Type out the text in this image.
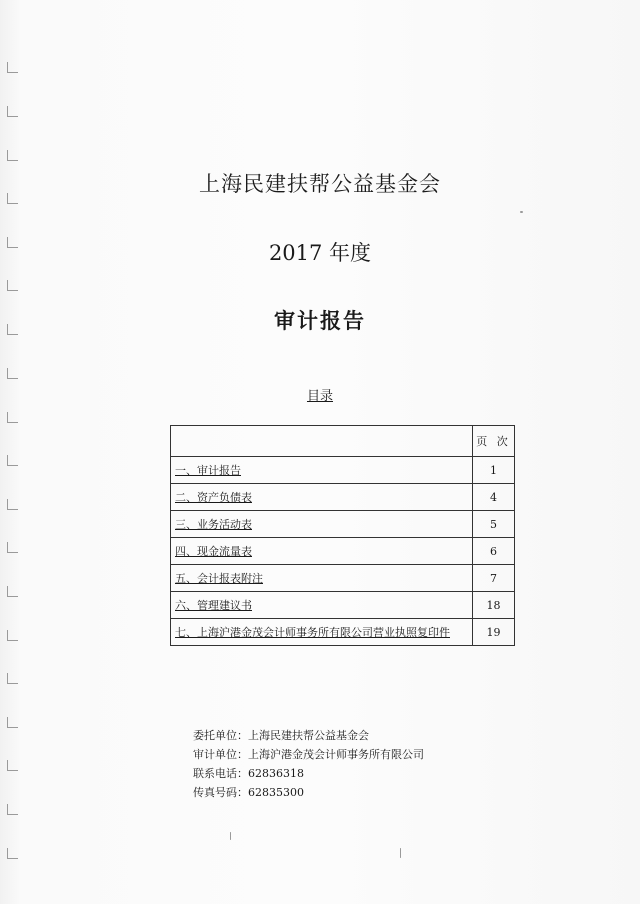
上海民建扶帮公益基金会
2017 年度
审计报告
目录
	页 次
一、审计报告	1
二、资产负债表	4
三、业务活动表	5
四、现金流量表	6
五、会计报表附注	7
六、管理建议书	18
七、上海沪港金茂会计师事务所有限公司营业执照复印件	19
委托单位：上海民建扶帮公益基金会
审计单位：上海沪港金茂会计师事务所有限公司
联系电话：62836318
传真号码：62835300
